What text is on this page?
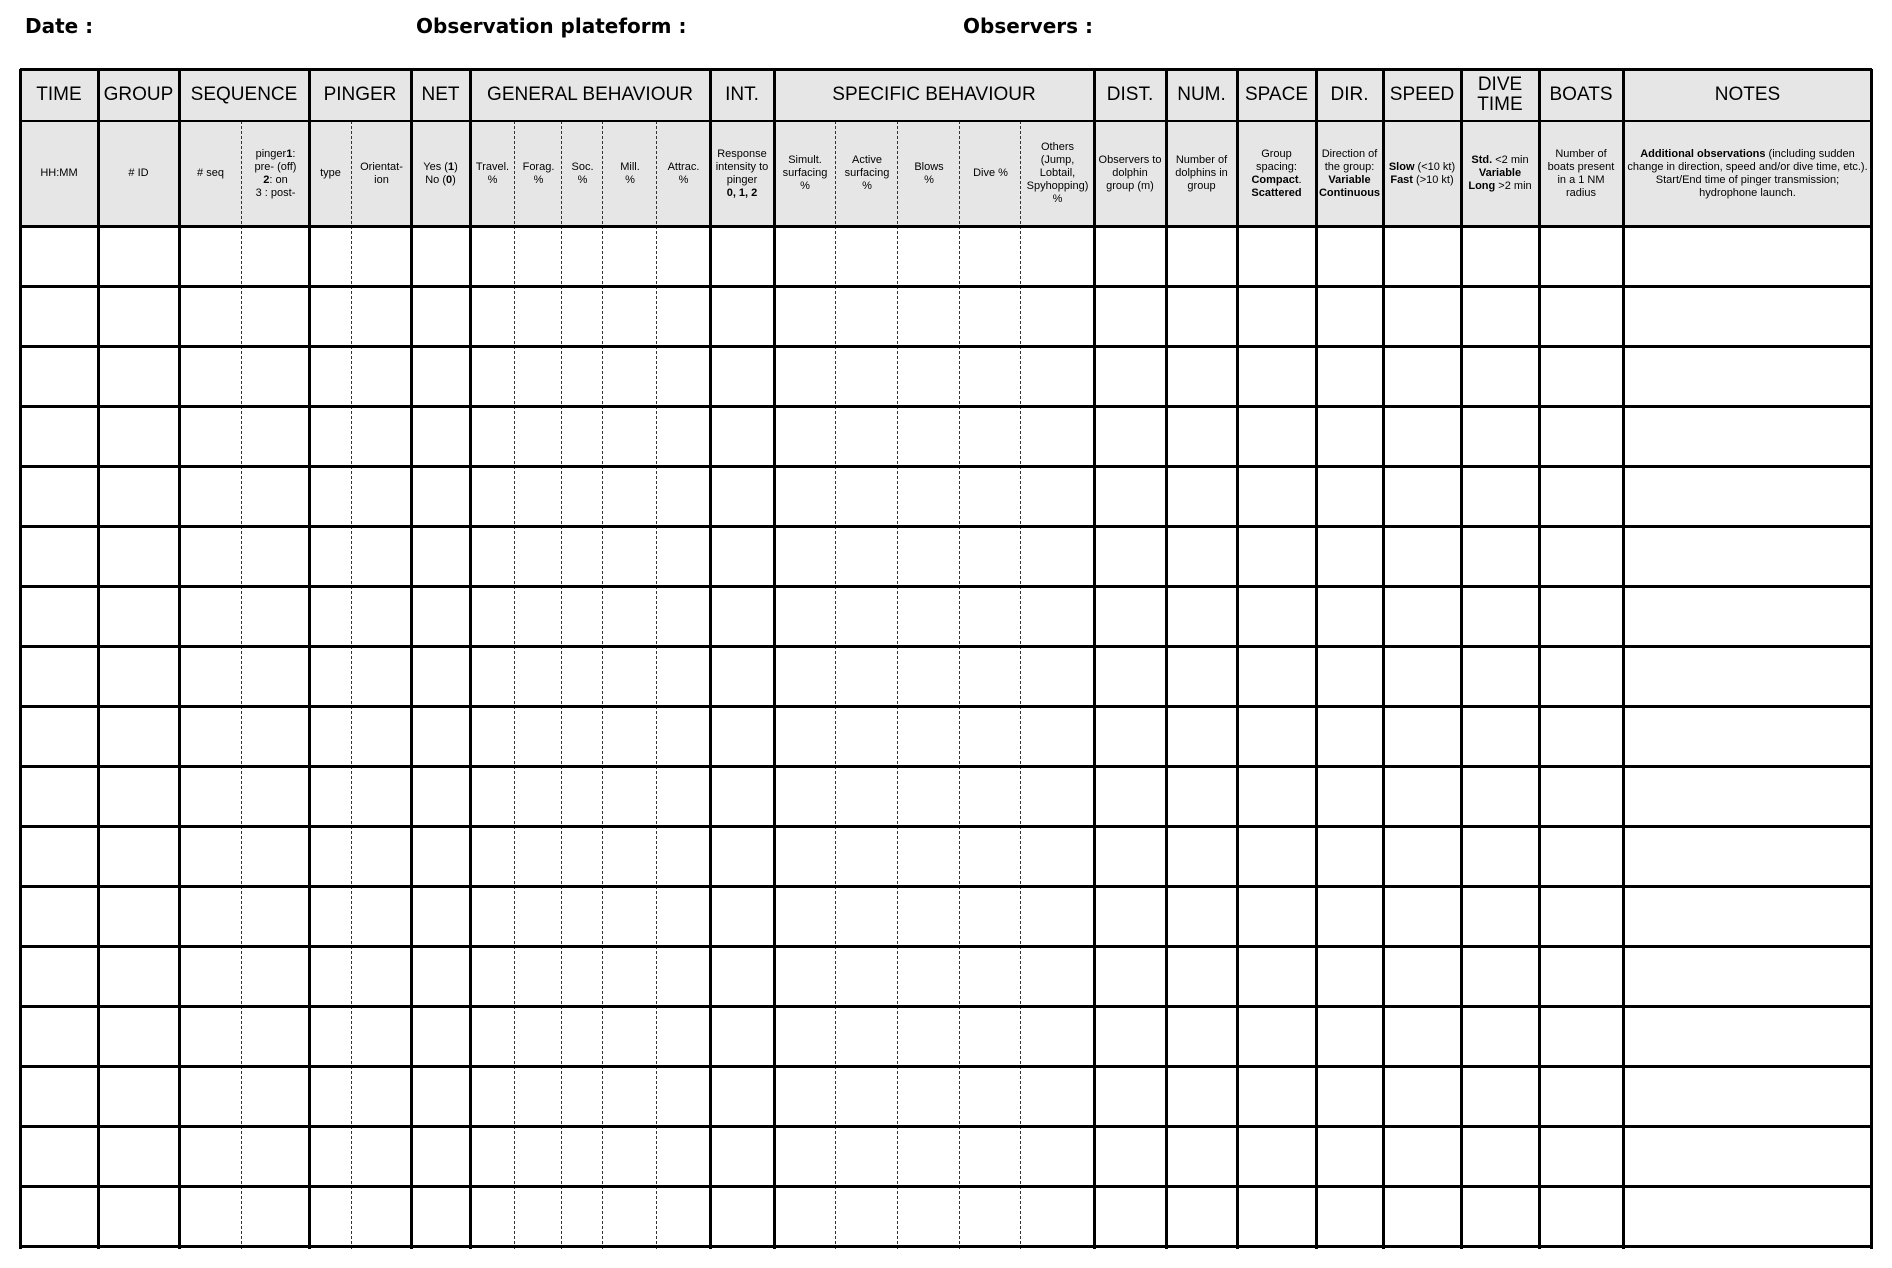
Date :	Observation plateform :	Observers :
TIME
HH:MM
GROUP
# ID
SEQUENCE
# seq
pinger1: pre- (off)
2: on
3 : post-
PINGER
type
Orientat-
ion
NET
Yes (1)
No (0)
GENERAL BEHAVIOUR
Travel.
%
Forag.
%
Soc.
%
Mill.
%
Attrac.
%
INT.
Response intensity to pinger
0, 1, 2
SPECIFIC BEHAVIOUR
Simult. surfacing
%
Active surfacing
%
Blows
%
Dive %
Others (Jump, Lobtail, Spyhopping)
%
DIST.
Observers to dolphin group (m)
NUM.
Number of dolphins in group
SPACE
Group spacing:
Compact.
Scattered
DIR.
Direction of the group:
Variable
Continuous
SPEED
Slow (<10 kt)
Fast (>10 kt)
DIVE
TIME
Std. <2 min
Variable
Long >2 min
BOATS
Number of boats present in a 1 NM radius
NOTES
Additional observations (including sudden change in direction, speed and/or dive time, etc.). Start/End time of pinger transmission; hydrophone launch.
